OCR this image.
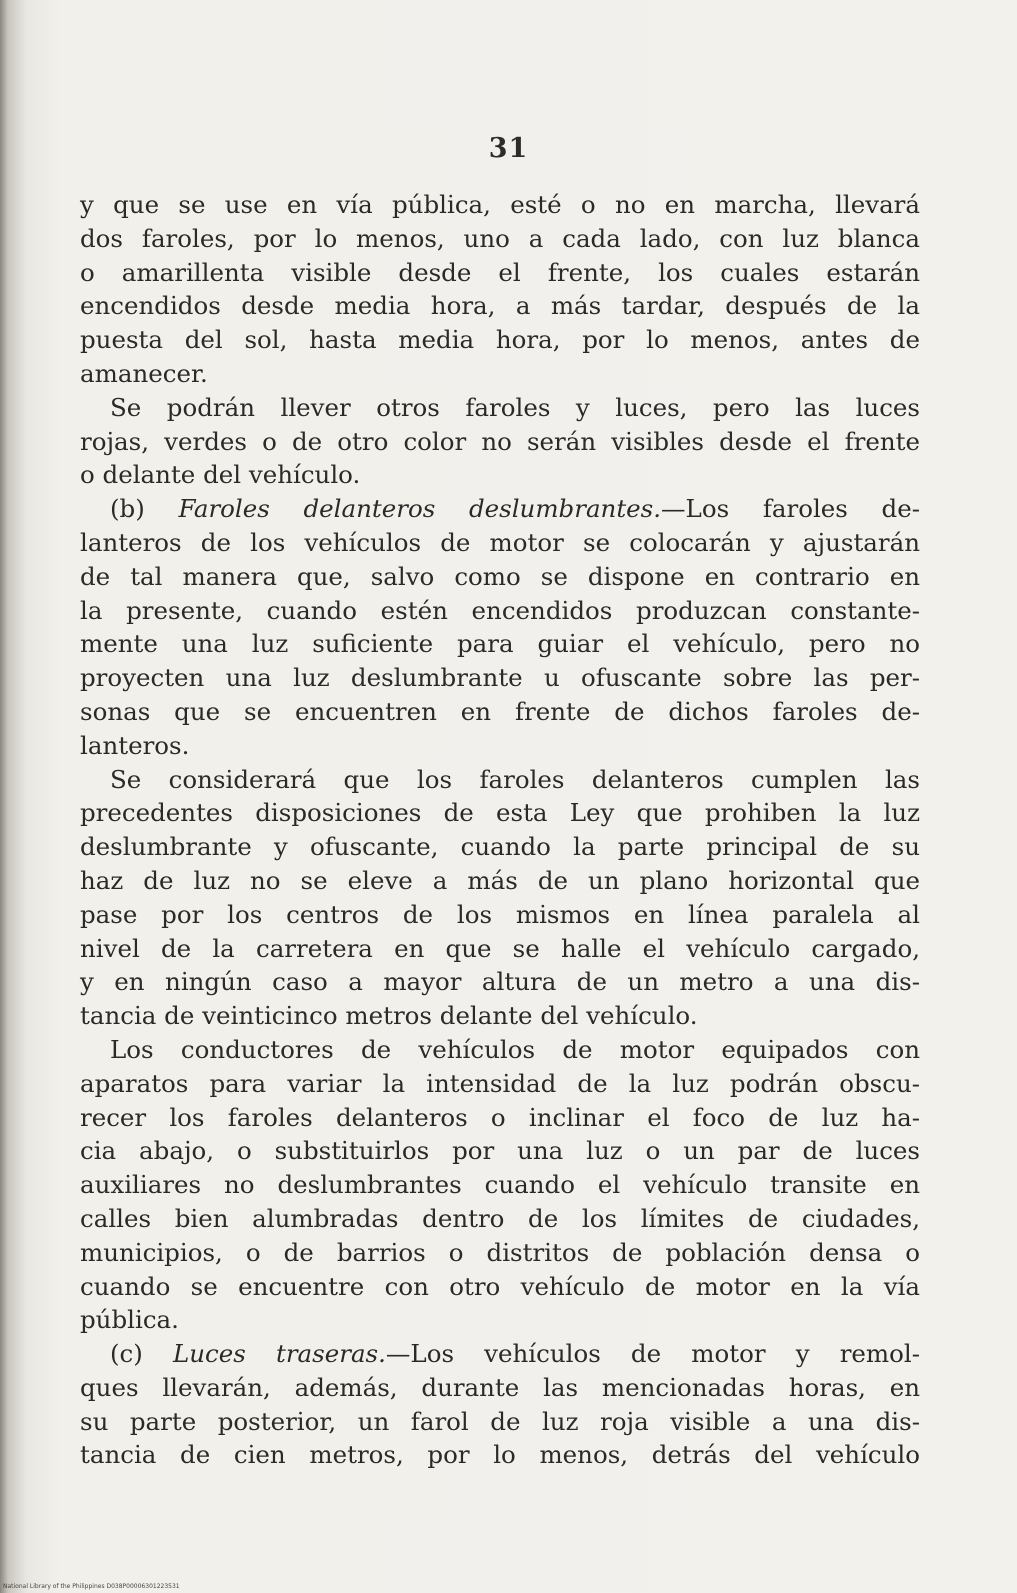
31
y que se use en vía pública, esté o no en marcha, llevará
dos faroles, por lo menos, uno a cada lado, con luz blanca
o amarillenta visible desde el frente, los cuales estarán
encendidos desde media hora, a más tardar, después de la
puesta del sol, hasta media hora, por lo menos, antes de
amanecer.
Se podrán llever otros faroles y luces, pero las luces
rojas, verdes o de otro color no serán visibles desde el frente
o delante del vehículo.
(b) Faroles delanteros deslumbrantes.—Los faroles de-
lanteros de los vehículos de motor se colocarán y ajustarán
de tal manera que, salvo como se dispone en contrario en
la presente, cuando estén encendidos produzcan constante-
mente una luz suficiente para guiar el vehículo, pero no
proyecten una luz deslumbrante u ofuscante sobre las per-
sonas que se encuentren en frente de dichos faroles de-
lanteros.
Se considerará que los faroles delanteros cumplen las
precedentes disposiciones de esta Ley que prohiben la luz
deslumbrante y ofuscante, cuando la parte principal de su
haz de luz no se eleve a más de un plano horizontal que
pase por los centros de los mismos en línea paralela al
nivel de la carretera en que se halle el vehículo cargado,
y en ningún caso a mayor altura de un metro a una dis-
tancia de veinticinco metros delante del vehículo.
Los conductores de vehículos de motor equipados con
aparatos para variar la intensidad de la luz podrán obscu-
recer los faroles delanteros o inclinar el foco de luz ha-
cia abajo, o substituirlos por una luz o un par de luces
auxiliares no deslumbrantes cuando el vehículo transite en
calles bien alumbradas dentro de los límites de ciudades,
municipios, o de barrios o distritos de población densa o
cuando se encuentre con otro vehículo de motor en la vía
pública.
(c) Luces traseras.—Los vehículos de motor y remol-
ques llevarán, además, durante las mencionadas horas, en
su parte posterior, un farol de luz roja visible a una dis-
tancia de cien metros, por lo menos, detrás del vehículo
National Library of the Philippines D038P00006301223531
